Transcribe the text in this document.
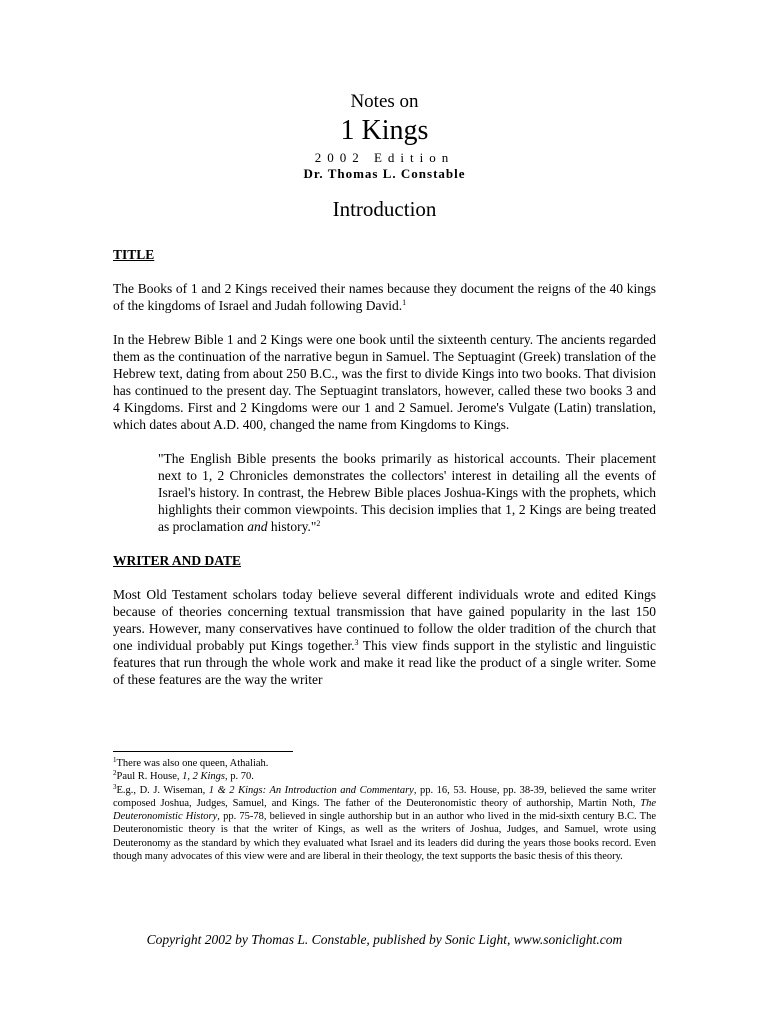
Notes on
1 Kings
2002 Edition
Dr. Thomas L. Constable
Introduction
TITLE

The Books of 1 and 2 Kings received their names because they document the reigns of the 40 kings of the kingdoms of Israel and Judah following David.$^1$

In the Hebrew Bible 1 and 2 Kings were one book until the sixteenth century. The ancients regarded them as the continuation of the narrative begun in Samuel. The Septuagint (Greek) translation of the Hebrew text, dating from about 250 B.C., was the first to divide Kings into two books. That division has continued to the present day. The Septuagint translators, however, called these two books 3 and 4 Kingdoms. First and 2 Kingdoms were our 1 and 2 Samuel. Jerome's Vulgate (Latin) translation, which dates about A.D. 400, changed the name from Kingdoms to Kings.

"The English Bible presents the books primarily as historical accounts. Their placement next to 1, 2 Chronicles demonstrates the collectors' interest in detailing all the events of Israel's history. In contrast, the Hebrew Bible places Joshua-Kings with the prophets, which highlights their common viewpoints. This decision implies that 1, 2 Kings are being treated as proclamation and history."$^2$

WRITER AND DATE

Most Old Testament scholars today believe several different individuals wrote and edited Kings because of theories concerning textual transmission that have gained popularity in the last 150 years. However, many conservatives have continued to follow the older tradition of the church that one individual probably put Kings together.$^3$ This view finds support in the stylistic and linguistic features that run through the whole work and make it read like the product of a single writer. Some of these features are the way the writer

$^1$There was also one queen, Athaliah.
$^2$Paul R. House, 1, 2 Kings, p. 70.
$^3$E.g., D. J. Wiseman, 1 & 2 Kings: An Introduction and Commentary, pp. 16, 53. House, pp. 38-39, believed the same writer composed Joshua, Judges, Samuel, and Kings. The father of the Deuteronomistic theory of authorship, Martin Noth, The Deuteronomistic History, pp. 75-78, believed in single authorship but in an author who lived in the mid-sixth century B.C. The Deuteronomistic theory is that the writer of Kings, as well as the writers of Joshua, Judges, and Samuel, wrote using Deuteronomy as the standard by which they evaluated what Israel and its leaders did during the years those books record. Even though many advocates of this view were and are liberal in their theology, the text supports the basic thesis of this theory.
Copyright 2002 by Thomas L. Constable, published by Sonic Light, www.soniclight.com
